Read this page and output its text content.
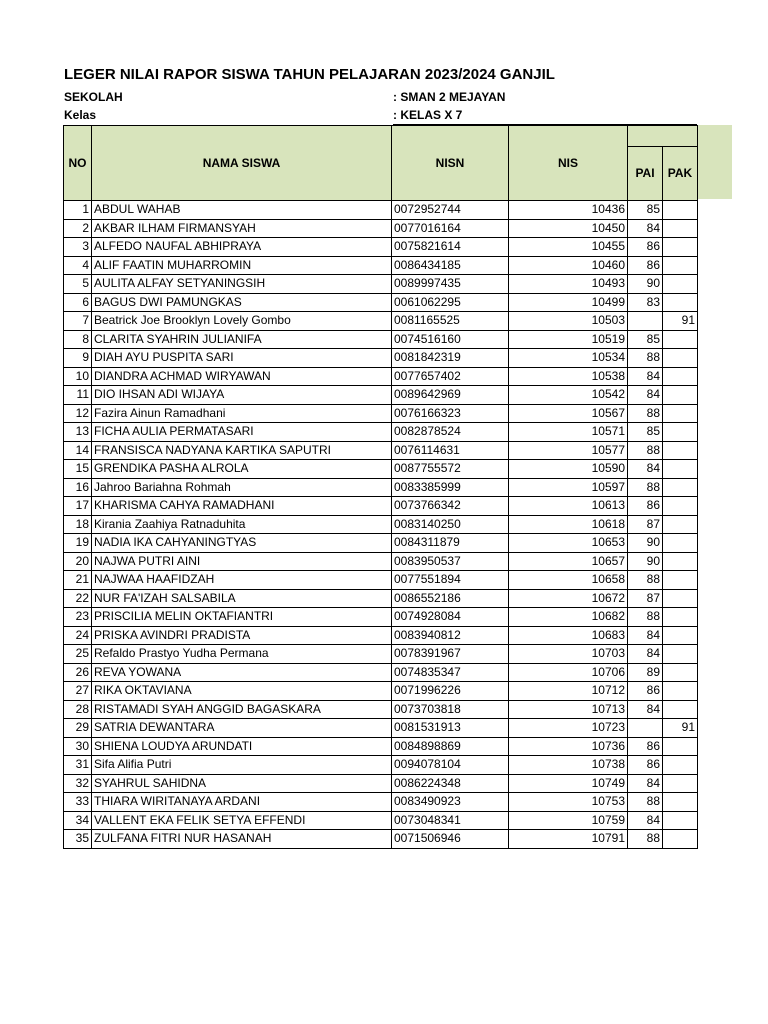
LEGER NILAI RAPOR SISWA TAHUN PELAJARAN 2023/2024 GANJIL
SEKOLAH	: SMAN 2 MEJAYAN
Kelas	: KELAS X 7
NO	NAMA SISWA	NISN	NIS		
				PAI	PAK
1	ABDUL WAHAB	0072952744	10436	85	
2	AKBAR ILHAM FIRMANSYAH	0077016164	10450	84	
3	ALFEDO NAUFAL ABHIPRAYA	0075821614	10455	86	
4	ALIF FAATIN MUHARROMIN	0086434185	10460	86	
5	AULITA ALFAY SETYANINGSIH	0089997435	10493	90	
6	BAGUS DWI PAMUNGKAS	0061062295	10499	83	
7	Beatrick Joe Brooklyn Lovely Gombo	0081165525	10503		91
8	CLARITA SYAHRIN JULIANIFA	0074516160	10519	85	
9	DIAH AYU PUSPITA SARI	0081842319	10534	88	
10	DIANDRA ACHMAD WIRYAWAN	0077657402	10538	84	
11	DIO IHSAN ADI WIJAYA	0089642969	10542	84	
12	Fazira Ainun Ramadhani	0076166323	10567	88	
13	FICHA AULIA PERMATASARI	0082878524	10571	85	
14	FRANSISCA NADYANA KARTIKA SAPUTRI	0076114631	10577	88	
15	GRENDIKA PASHA ALROLA	0087755572	10590	84	
16	Jahroo Bariahna Rohmah	0083385999	10597	88	
17	KHARISMA CAHYA RAMADHANI	0073766342	10613	86	
18	Kirania Zaahiya Ratnaduhita	0083140250	10618	87	
19	NADIA IKA CAHYANINGTYAS	0084311879	10653	90	
20	NAJWA PUTRI AINI	0083950537	10657	90	
21	NAJWAA HAAFIDZAH	0077551894	10658	88	
22	NUR FA'IZAH SALSABILA	0086552186	10672	87	
23	PRISCILIA MELIN OKTAFIANTRI	0074928084	10682	88	
24	PRISKA AVINDRI PRADISTA	0083940812	10683	84	
25	Refaldo Prastyo Yudha Permana	0078391967	10703	84	
26	REVA YOWANA	0074835347	10706	89	
27	RIKA OKTAVIANA	0071996226	10712	86	
28	RISTAMADI SYAH ANGGID BAGASKARA	0073703818	10713	84	
29	SATRIA DEWANTARA	0081531913	10723		91
30	SHIENA LOUDYA ARUNDATI	0084898869	10736	86	
31	Sifa Alifia Putri	0094078104	10738	86	
32	SYAHRUL SAHIDNA	0086224348	10749	84	
33	THIARA WIRITANAYA ARDANI	0083490923	10753	88	
34	VALLENT EKA FELIK SETYA EFFENDI	0073048341	10759	84	
35	ZULFANA FITRI NUR HASANAH	0071506946	10791	88	
